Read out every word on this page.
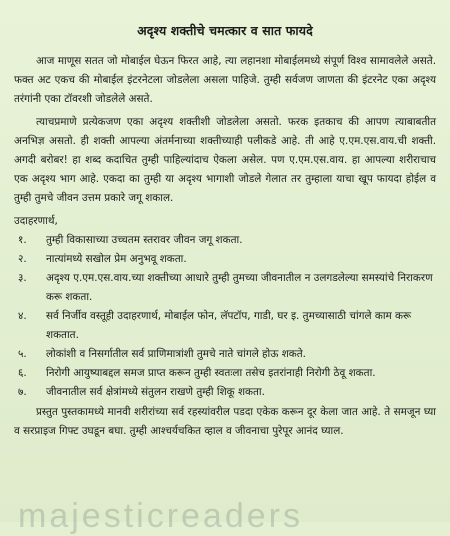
अदृश्य शक्तीचे चमत्कार व सात फायदे

आज माणूस सतत जो मोबाईल घेऊन फिरत आहे, त्या लहानशा मोबाईलमध्ये संपूर्ण विश्व सामावलेले असते. फक्त अट एकच की मोबाईल इंटरनेटला जोडलेला असला पाहिजे. तुम्ही सर्वजण जाणता की इंटरनेट एका अदृश्य तरंगांनी एका टॉवरशी जोडलेले असते.

त्याचप्रमाणे प्रत्येकजण एका अदृश्य शक्तीशी जोडलेला असतो. फरक इतकाच की आपण त्याबाबतीत अनभिज्ञ असतो. ही शक्ती आपल्या अंतर्मनाच्या शक्तीच्याही पलीकडे आहे. ती आहे ए.एम.एस.वाय.ची शक्ती. अगदी बरोबर! हा शब्द कदाचित तुम्ही पाहिल्यांदाच ऐकला असेल. पण ए.एम.एस.वाय. हा आपल्या शरीराचाच एक अदृश्य भाग आहे. एकदा का तुम्ही या अदृश्य भागाशी जोडले गेलात तर तुम्हाला याचा खूप फायदा होईल व तुम्ही तुमचे जीवन उत्तम प्रकारे जगू शकाल.

उदाहरणार्थ,

१.	तुम्ही विकासाच्या उच्चतम स्तरावर जीवन जगू शकता.
२.	नात्यांमध्ये सखोल प्रेम अनुभवू शकता.
३.	अदृश्य ए.एम.एस.वाय.च्या शक्तीच्या आधारे तुम्ही तुमच्या जीवनातील न उलगडलेल्या समस्यांचे निराकरण करू शकता.
४.	सर्व निर्जीव वस्तूही उदाहरणार्थ, मोबाईल फोन, लॅपटॉप, गाडी, घर इ. तुमच्यासाठी चांगले काम करू शकतात.
५.	लोकांशी व निसर्गातील सर्व प्राणिमात्रांशी तुमचे नाते चांगले होऊ शकते.
६.	निरोगी आयुष्याबद्दल समज प्राप्त करून तुम्ही स्वतःला तसेच इतरांनाही निरोगी ठेवू शकता.
७.	जीवनातील सर्व क्षेत्रांमध्ये संतुलन राखणे तुम्ही शिकू शकता.

प्रस्तुत पुस्तकामध्ये मानवी शरीरांच्या सर्व रहस्यांवरील पडदा एकेक करून दूर केला जात आहे. ते समजून घ्या व सरप्राइज गिफ्ट उघडून बघा. तुम्ही आश्चर्यचकित व्हाल व जीवनाचा पुरेपूर आनंद घ्याल.

majesticreaders
